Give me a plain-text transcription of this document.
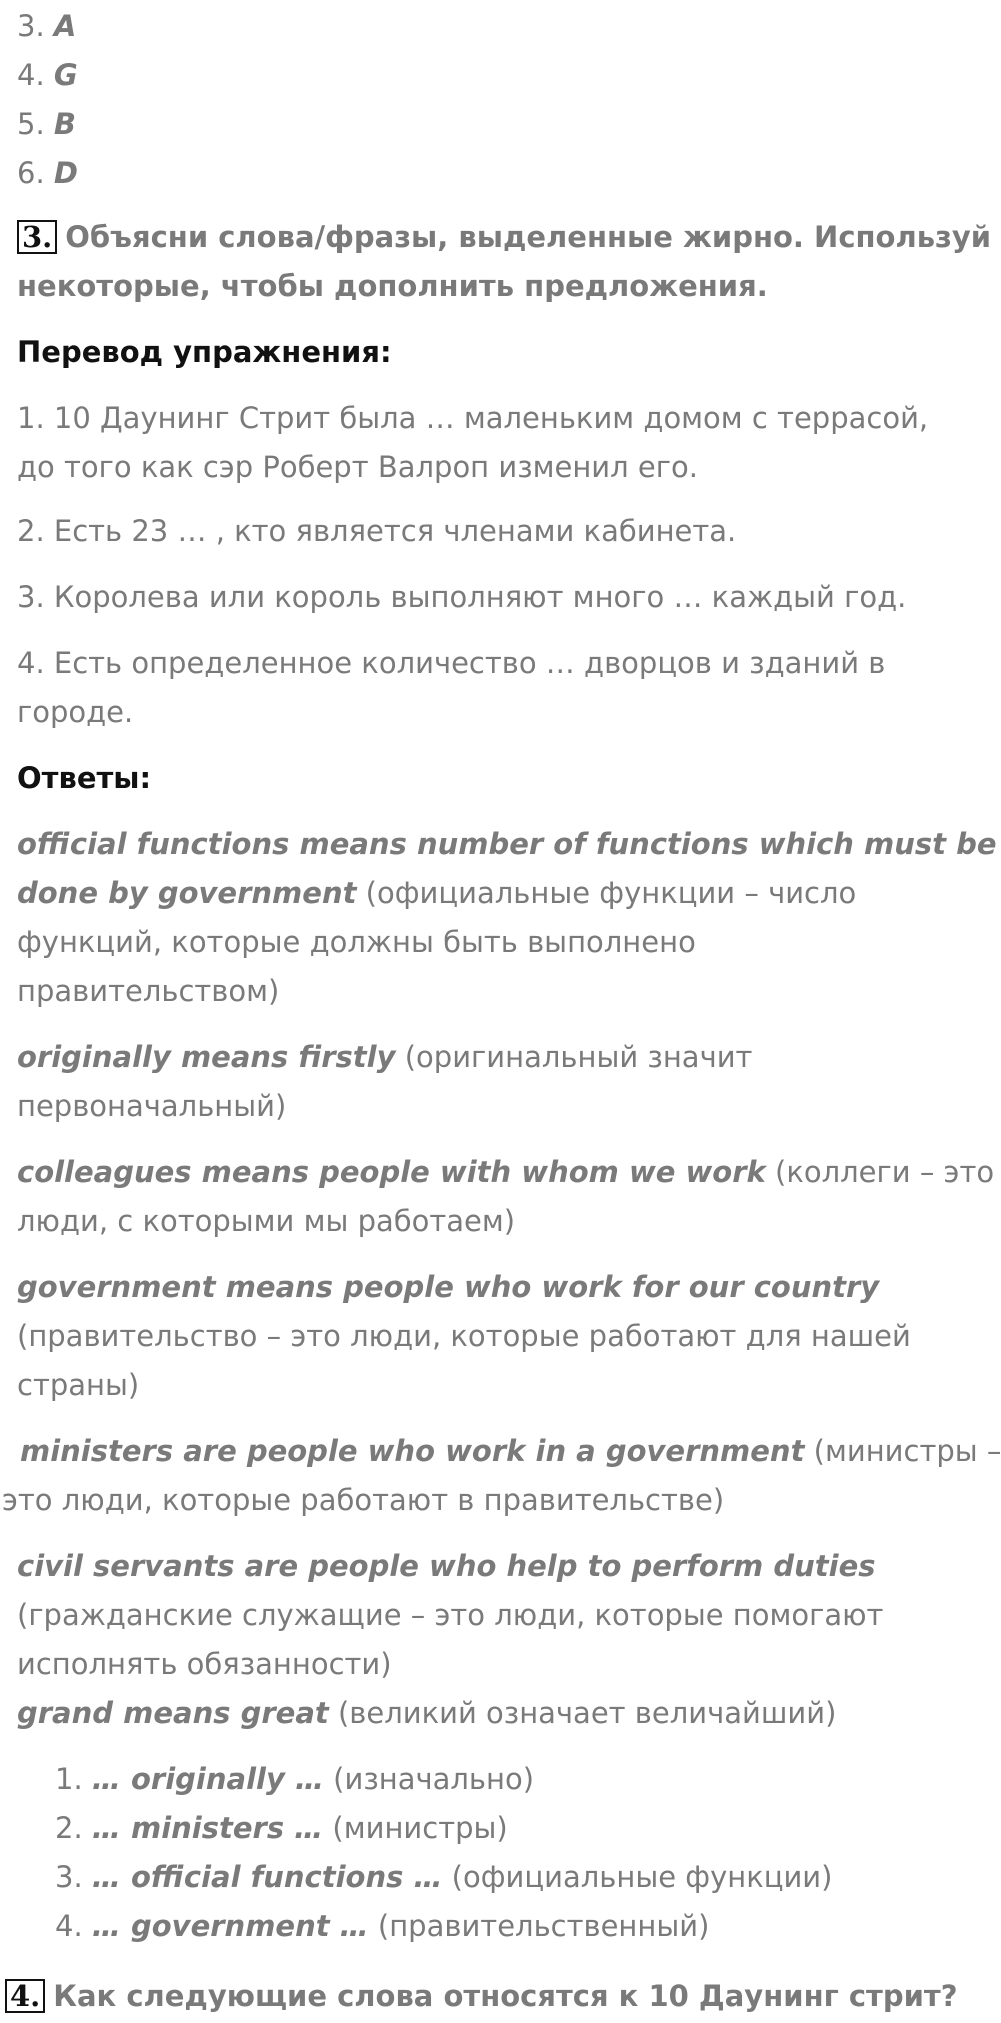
3. A
4. G
5. B
6. D
3. Объясни слова/фразы, выделенные жирно. Используй
некоторые, чтобы дополнить предложения.
Перевод упражнения:
1. 10 Даунинг Стрит была … маленьким домом с террасой,
до того как сэр Роберт Валроп изменил его.
2. Есть 23 … , кто является членами кабинета.
3. Королева или король выполняют много … каждый год.
4. Есть определенное количество … дворцов и зданий в
городе.
Ответы:
official functions means number of functions which must be
done by government (официальные функции – число
функций, которые должны быть выполнено
правительством)
originally means firstly (оригинальный значит
первоначальный)
colleagues means people with whom we work (коллеги – это
люди, с которыми мы работаем)
government means people who work for our country
(правительство – это люди, которые работают для нашей
страны)
ministers are people who work in a government (министры –
это люди, которые работают в правительстве)
civil servants are people who help to perform duties
(гражданские служащие – это люди, которые помогают
исполнять обязанности)
grand means great (великий означает величайший)
1. … originally … (изначально)
2. … ministers … (министры)
3. … official functions … (официальные функции)
4. … government … (правительственный)
4. Как следующие слова относятся к 10 Даунинг стрит?
